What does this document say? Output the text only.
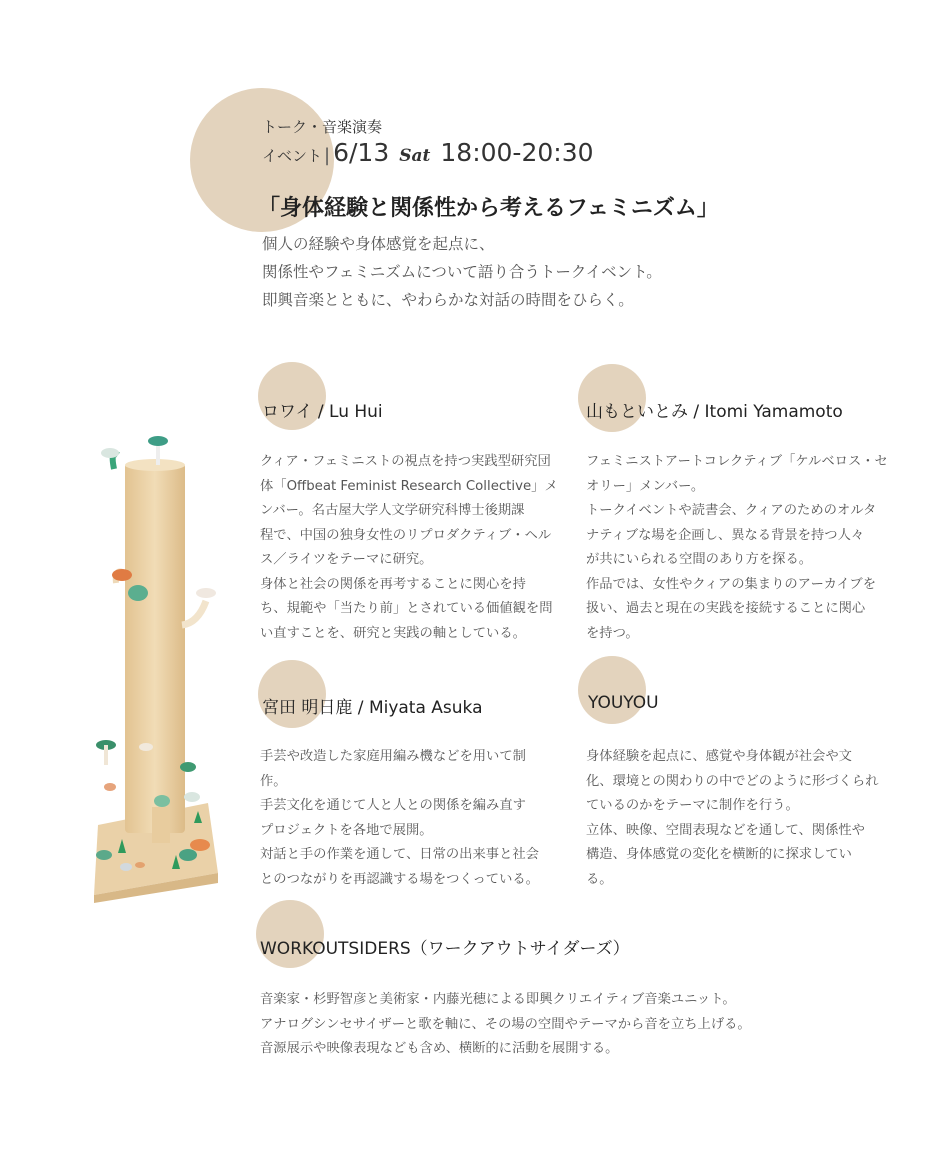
トーク・音楽演奏
イベント | 6/13 Sat 18:00-20:30
「身体経験と関係性から考えるフェミニズム」
個人の経験や身体感覚を起点に、
関係性やフェミニズムについて語り合うトークイベント。
即興音楽とともに、やわらかな対話の時間をひらく。
ロワイ / Lu Hui
クィア・フェミニストの視点を持つ実践型研究団
体「Offbeat Feminist Research Collective」メ
ンバー。名古屋大学人文学研究科博士後期課
程で、中国の独身女性のリプロダクティブ・ヘル
ス／ライツをテーマに研究。
身体と社会の関係を再考することに関心を持
ち、規範や「当たり前」とされている価値観を問
い直すことを、研究と実践の軸としている。
山もといとみ / Itomi Yamamoto
フェミニストアートコレクティブ「ケルベロス・セ
オリー」メンバー。
トークイベントや読書会、クィアのためのオルタ
ナティブな場を企画し、異なる背景を持つ人々
が共にいられる空間のあり方を探る。
作品では、女性やクィアの集まりのアーカイブを
扱い、過去と現在の実践を接続することに関心
を持つ。
宮田 明日鹿 / Miyata Asuka
手芸や改造した家庭用編み機などを用いて制
作。
手芸文化を通じて人と人との関係を編み直す
プロジェクトを各地で展開。
対話と手の作業を通して、日常の出来事と社会
とのつながりを再認識する場をつくっている。
YOUYOU
身体経験を起点に、感覚や身体観が社会や文
化、環境との関わりの中でどのように形づくられ
ているのかをテーマに制作を行う。
立体、映像、空間表現などを通して、関係性や
構造、身体感覚の変化を横断的に探求してい
る。
WORKOUTSIDERS（ワークアウトサイダーズ）
音楽家・杉野智彦と美術家・内藤光穂による即興クリエイティブ音楽ユニット。
アナログシンセサイザーと歌を軸に、その場の空間やテーマから音を立ち上げる。
音源展示や映像表現なども含め、横断的に活動を展開する。
